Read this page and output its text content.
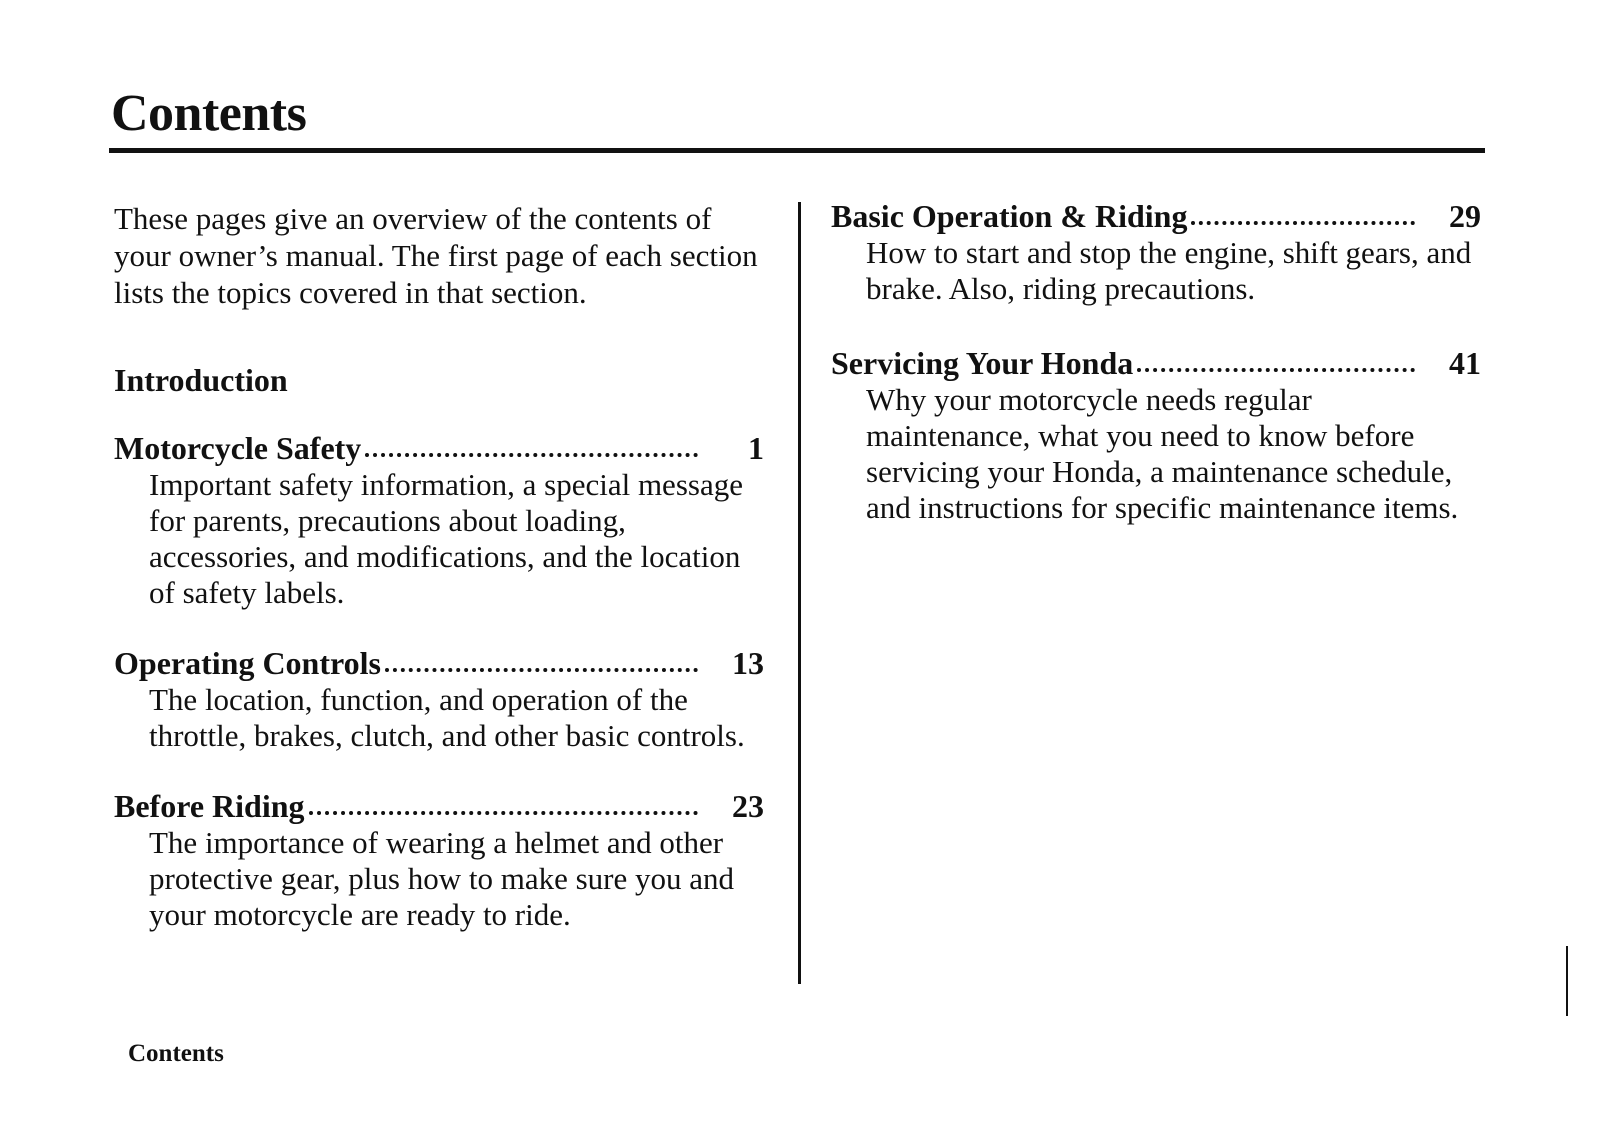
Contents

These pages give an overview of the contents of your owner’s manual. The first page of each section lists the topics covered in that section.

Introduction
Motorcycle Safety	1

Important safety information, a special message for parents, precautions about loading, accessories, and modifications, and the location of safety labels.

Operating Controls	13

The location, function, and operation of the throttle, brakes, clutch, and other basic controls.

Before Riding	23

The importance of wearing a helmet and other protective gear, plus how to make sure you and your motorcycle are ready to ride.

Basic Operation & Riding	29

How to start and stop the engine, shift gears, and brake. Also, riding precautions.

Servicing Your Honda	41

Why your motorcycle needs regular maintenance, what you need to know before servicing your Honda, a maintenance schedule, and instructions for specific maintenance items.

Contents
